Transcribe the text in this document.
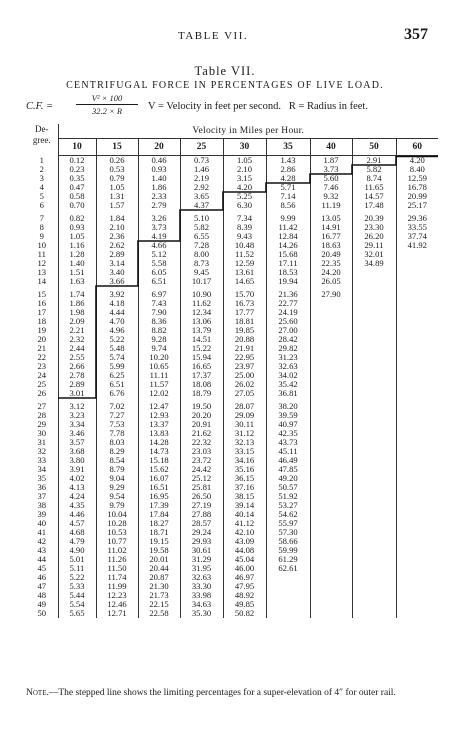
TABLE VII.	357
Table VII.
CENTRIFUGAL FORCE IN PERCENTAGES OF LIVE LOAD.
C.F. =	$\frac{\text{V² × 100}}{32.2 \times R}$ V = Velocity in feet per second. R = Radius in feet.
De-
gree.	Velocity in Miles per Hour.								
	10	15	20	25	30	35	40	50	60
1	0.12	0.26	0.46	0.73	1.05	1.43	1.87	2.91	4.20
2	0.23	0.53	0.93	1.46	2.10	2.86	3.73	5.82	8.40
3	0.35	0.79	1.40	2.19	3.15	4.28	5.60	8.74	12.59
4	0.47	1.05	1.86	2.92	4.20	5.71	7.46	11.65	16.78
5	0.58	1.31	2.33	3.65	5.25	7.14	9.32	14.57	20.99
6	0.70	1.57	2.79	4.37	6.30	8.56	11.19	17.48	25.17

7	0.82	1.84	3.26	5.10	7.34	9.99	13.05	20.39	29.36
8	0.93	2.10	3.73	5.82	8.39	11.42	14.91	23.30	33.55
9	1.05	2.36	4.19	6.55	9.43	12.84	16.77	26.20	37.74
10	1.16	2.62	4.66	7.28	10.48	14.26	18.63	29.11	41.92
11	1.28	2.89	5.12	8.00	11.52	15.68	20.49	32.01	
12	1.40	3.14	5.58	8.73	12.59	17.11	22.35	34.89	
13	1.51	3.40	6.05	9.45	13.61	18.53	24.20		
14	1.63	3.66	6.51	10.17	14.65	19.94	26.05		

15	1.74	3.92	6.97	10.90	15.70	21.36	27.90		
16	1.86	4.18	7.43	11.62	16.73	22.77			
17	1.98	4.44	7.90	12.34	17.77	24.19			
18	2.09	4.70	8.36	13.06	18.81	25.60			
19	2.21	4.96	8.82	13.79	19.85	27.00			
20	2.32	5.22	9.28	14.51	20.88	28.42			
21	2.44	5.48	9.74	15.22	21.91	29.82			
22	2.55	5.74	10.20	15.94	22.95	31.23			
23	2.66	5.99	10.65	16.65	23.97	32.63			
24	2.78	6.25	11.11	17.37	25.00	34.02			
25	2.89	6.51	11.57	18.08	26.02	35.42			
26	3.01	6.76	12.02	18.79	27.05	36.81			

27	3.12	7.02	12.47	19.50	28.07	38.20			
28	3.23	7.27	12.93	20.20	29.09	39.59			
29	3.34	7.53	13.37	20.91	30.11	40.97			
30	3.46	7.78	13.83	21.62	31.12	42.35			
31	3.57	8.03	14.28	22.32	32.13	43.73			
32	3.68	8.29	14.73	23.03	33.15	45.11			
33	3.80	8.54	15.18	23.72	34.16	46.49			
34	3.91	8.79	15.62	24.42	35.16	47.85			
35	4.02	9.04	16.07	25.12	36.15	49.20			
36	4.13	9.29	16.51	25.81	37.16	50.57			
37	4.24	9.54	16.95	26.50	38.15	51.92			
38	4.35	9.79	17.39	27.19	39.14	53.27			
39	4.46	10.04	17.84	27.88	40.14	54.62			
40	4.57	10.28	18.27	28.57	41.12	55.97			
41	4.68	10.53	18.71	29.24	42.10	57.30			
42	4.79	10.77	19.15	29.93	43.09	58.66			
43	4.90	11.02	19.58	30.61	44.08	59.99			
44	5.01	11.26	20.01	31.29	45.04	61.29			
45	5.11	11.50	20.44	31.95	46.00	62.61			
46	5.22	11.74	20.87	32.63	46.97				
47	5.33	11.99	21.30	33.30	47.95				
48	5.44	12.23	21.73	33.98	48.92				
49	5.54	12.46	22.15	34.63	49.85				
50	5.65	12.71	22.58	35.30	50.82				
Note.—The stepped line shows the limiting percentages for a super-elevation of 4″ for outer rail.
